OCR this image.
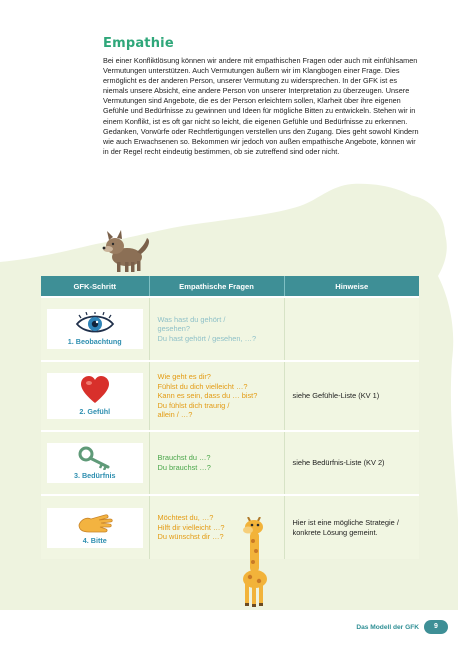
Empathie

Bei einer Konfliktlösung können wir andere mit empathischen Fragen oder auch mit einfühlsamen Vermutungen unterstützen. Auch Vermutungen äußern wir im Klangbogen einer Frage. Dies ermöglicht es der anderen Person, unserer Vermutung zu widersprechen. In der GFK ist es niemals unsere Absicht, eine andere Person von unserer Interpretation zu überzeugen. Unsere Vermutungen sind Angebote, die es der Person erleichtern sollen, Klarheit über ihre eigenen Gefühle und Bedürfnisse zu gewinnen und Ideen für mögliche Bitten zu entwickeln. Stehen wir in einem Konflikt, ist es oft gar nicht so leicht, die eigenen Gefühle und Bedürfnisse zu erkennen. Gedanken, Vorwürfe oder Rechtfertigungen verstellen uns den Zugang. Dies geht sowohl Kindern wie auch Erwachsenen so. Bekommen wir jedoch von außen empathische Angebote, können wir in der Regel recht eindeutig bestimmen, ob sie zutreffend sind oder nicht.

GFK-Schritt	Empathische Fragen	Hinweise

1. Beobachtung	Was hast du gehört /
gesehen?
Du hast gehört / gesehen, …?	

2. Gefühl	Wie geht es dir?
Fühlst du dich vielleicht …?
Kann es sein, dass du … bist?
Du fühlst dich traurig /
allein / …?	siehe Gefühle-Liste (KV 1)

3. Bedürfnis	Brauchst du …?
Du brauchst …?	siehe Bedürfnis-Liste (KV 2)

4. Bitte	Möchtest du, …?
Hilft dir vielleicht …?
Du wünschst dir …?	Hier ist eine mögliche Strategie / konkrete Lösung gemeint.
Das Modell der GFK	9
